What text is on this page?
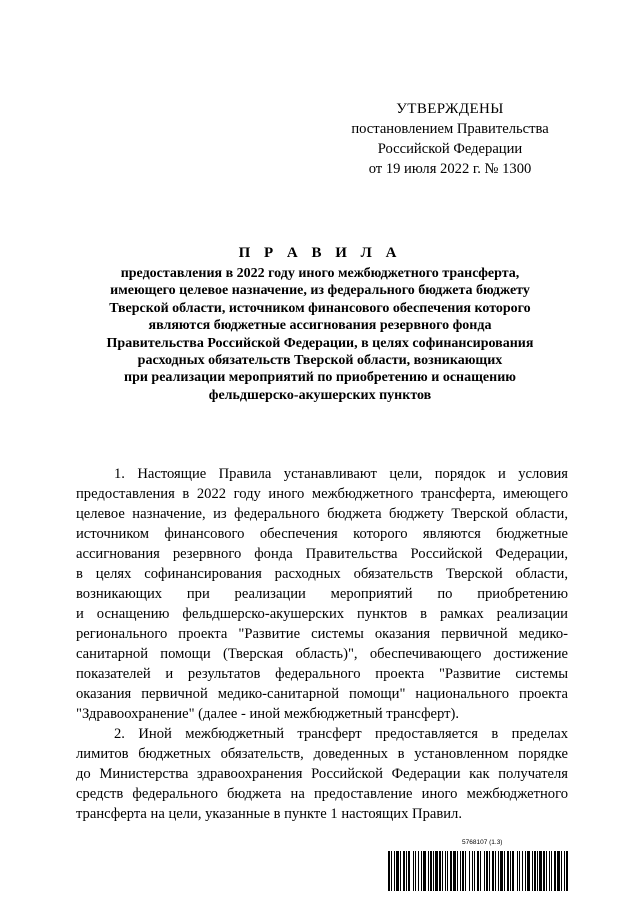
УТВЕРЖДЕНЫ
постановлением Правительства
Российской Федерации
от 19 июля 2022 г. № 1300
П Р А В И Л А
предоставления в 2022 году иного межбюджетного трансферта,
имеющего целевое назначение, из федерального бюджета бюджету
Тверской области, источником финансового обеспечения которого
являются бюджетные ассигнования резервного фонда
Правительства Российской Федерации, в целях софинансирования
расходных обязательств Тверской области, возникающих
при реализации мероприятий по приобретению и оснащению
фельдшерско-акушерских пунктов
1. Настоящие Правила устанавливают цели, порядок и условия
предоставления в 2022 году иного межбюджетного трансферта, имеющего
целевое назначение, из федерального бюджета бюджету Тверской области,
источником финансового обеспечения которого являются бюджетные
ассигнования резервного фонда Правительства Российской Федерации,
в целях софинансирования расходных обязательств Тверской области,
возникающих при реализации мероприятий по приобретению
и оснащению фельдшерско-акушерских пунктов в рамках реализации
регионального проекта "Развитие системы оказания первичной медико-
санитарной помощи (Тверская область)", обеспечивающего достижение
показателей и результатов федерального проекта "Развитие системы
оказания первичной медико-санитарной помощи" национального проекта
"Здравоохранение" (далее - иной межбюджетный трансферт).
2. Иной межбюджетный трансферт предоставляется в пределах
лимитов бюджетных обязательств, доведенных в установленном порядке
до Министерства здравоохранения Российской Федерации как получателя
средств федерального бюджета на предоставление иного межбюджетного
трансферта на цели, указанные в пункте 1 настоящих Правил.
5768107 (1.3)
